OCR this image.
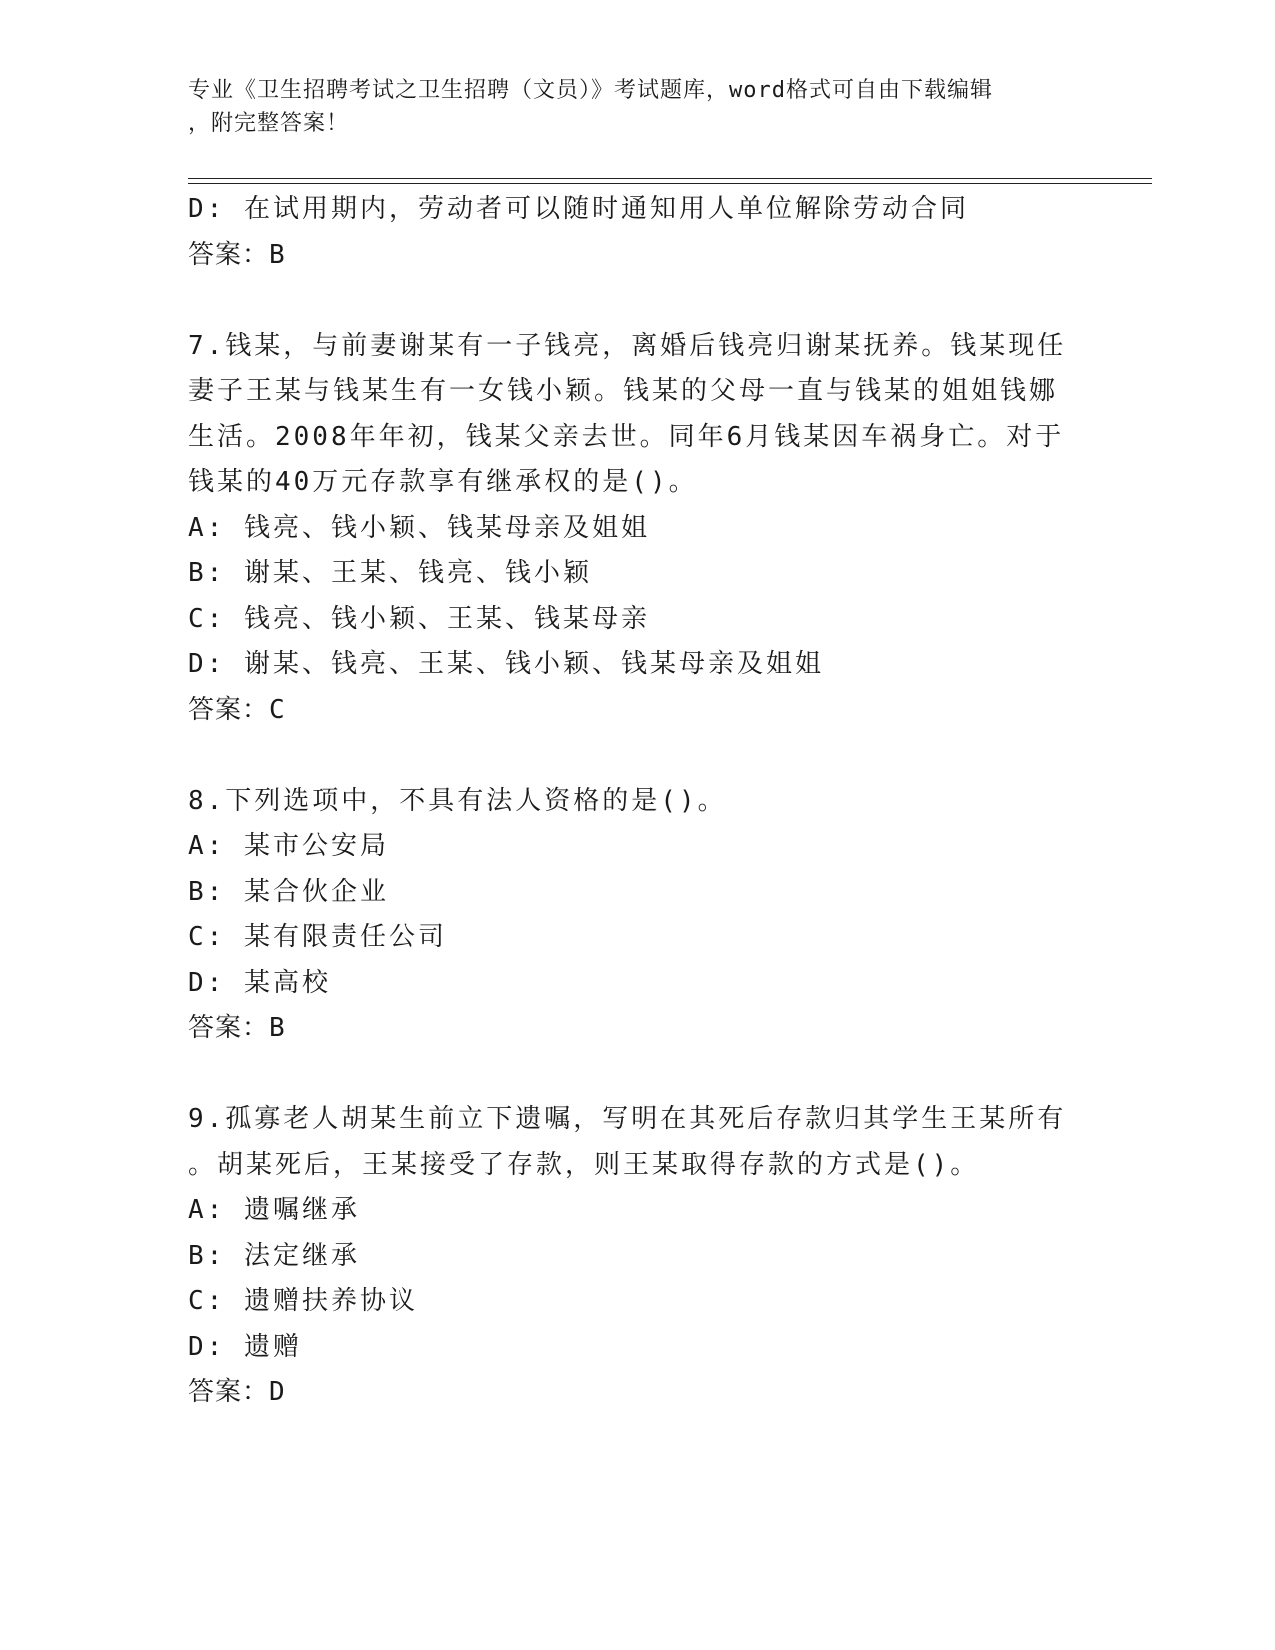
专业《卫生招聘考试之卫生招聘（文员）》考试题库，word格式可自由下载编辑
，附完整答案！
D: 在试用期内，劳动者可以随时通知用人单位解除劳动合同
答案：B
7.钱某，与前妻谢某有一子钱亮，离婚后钱亮归谢某抚养。钱某现任
妻子王某与钱某生有一女钱小颖。钱某的父母一直与钱某的姐姐钱娜
生活。2008年年初，钱某父亲去世。同年6月钱某因车祸身亡。对于
钱某的40万元存款享有继承权的是()。
A: 钱亮、钱小颖、钱某母亲及姐姐
B: 谢某、王某、钱亮、钱小颖
C: 钱亮、钱小颖、王某、钱某母亲
D: 谢某、钱亮、王某、钱小颖、钱某母亲及姐姐
答案：C
8.下列选项中，不具有法人资格的是()。
A: 某市公安局
B: 某合伙企业
C: 某有限责任公司
D: 某高校
答案：B
9.孤寡老人胡某生前立下遗嘱，写明在其死后存款归其学生王某所有
。胡某死后，王某接受了存款，则王某取得存款的方式是()。
A: 遗嘱继承
B: 法定继承
C: 遗赠扶养协议
D: 遗赠
答案：D
